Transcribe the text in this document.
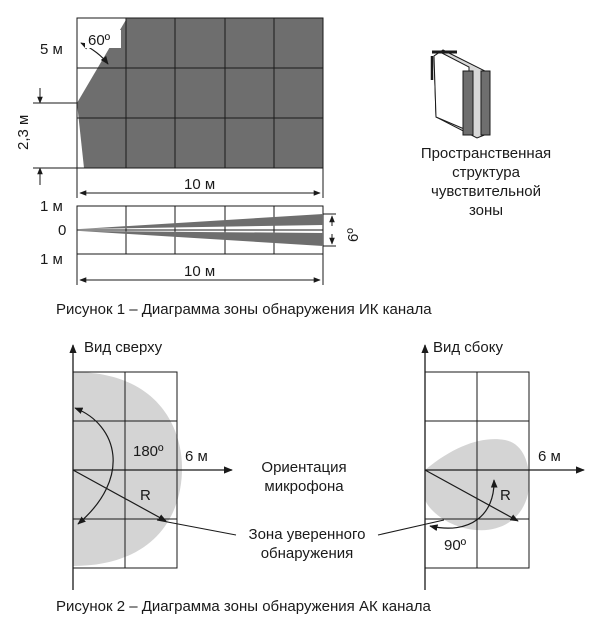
60º
5 м
2,3 м
10 м
1 м
0
1 м
6º
10 м
Пространственная
структура
чувствительной
зоны
Рисунок 1 – Диаграмма зоны обнаружения ИК канала
180º
R
6 м
Вид сверху
R
90º
6 м
Вид сбоку
Ориентация
микрофона
Зона уверенного
обнаружения
Рисунок 2 – Диаграмма зоны обнаружения АК канала
